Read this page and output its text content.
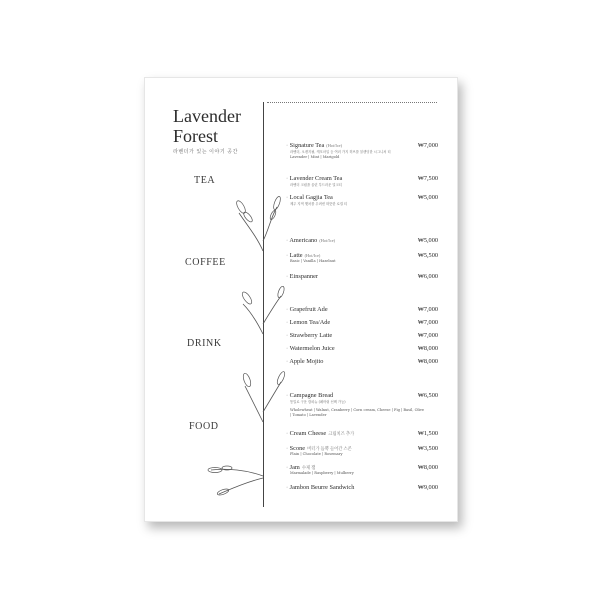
Lavender
Forest
라벤더가 있는 이야기 공간
TEA
COFFEE
DRINK
FOOD
· Signature Tea (Hot/Ice)	₩7,000
라벤더, 오렌지필, 캐모마일 등 여러 가지 허브를 블렌딩한 시그니처 티
Lavender | Mint | Marigold
· Lavender Cream Tea	₩7,500
라벤더 크림을 올린 부드러운 밀크티
· Local Gagjia Tea	₩5,000
제주 지역 햇차를 우려낸 따뜻한 로컬 티
· Americano (Hot/Ice)	₩5,000
· Latte (Hot/Ice)	₩5,500
Basic | Vanilla | Hazelnut
· Einspanner	₩6,000
· Grapefruit Ade	₩7,000
· Lemon Tea/Ade	₩7,000
· Strawberry Latte	₩7,000
· Watermelon Juice	₩8,000
· Apple Mojito	₩8,000
· Campagne Bread	₩6,500
통밀로 구운 캄파뉴 (페어링 선택 가능)
Wholewheat | Walnut, Cranberry | Corn cream, Cheese | Fig | Basil, Olive | Tomato | Lavender
· Cream Cheese 크림치즈 추가	₩1,500
· Scone 버터가 듬뿍 들어간 스콘	₩3,500
Plain | Chocolate | Rosemary
· Jam 수제 잼	₩8,000
Marmalade | Raspberry | Mulberry
· Jambon Beurre Sandwich	₩9,000
